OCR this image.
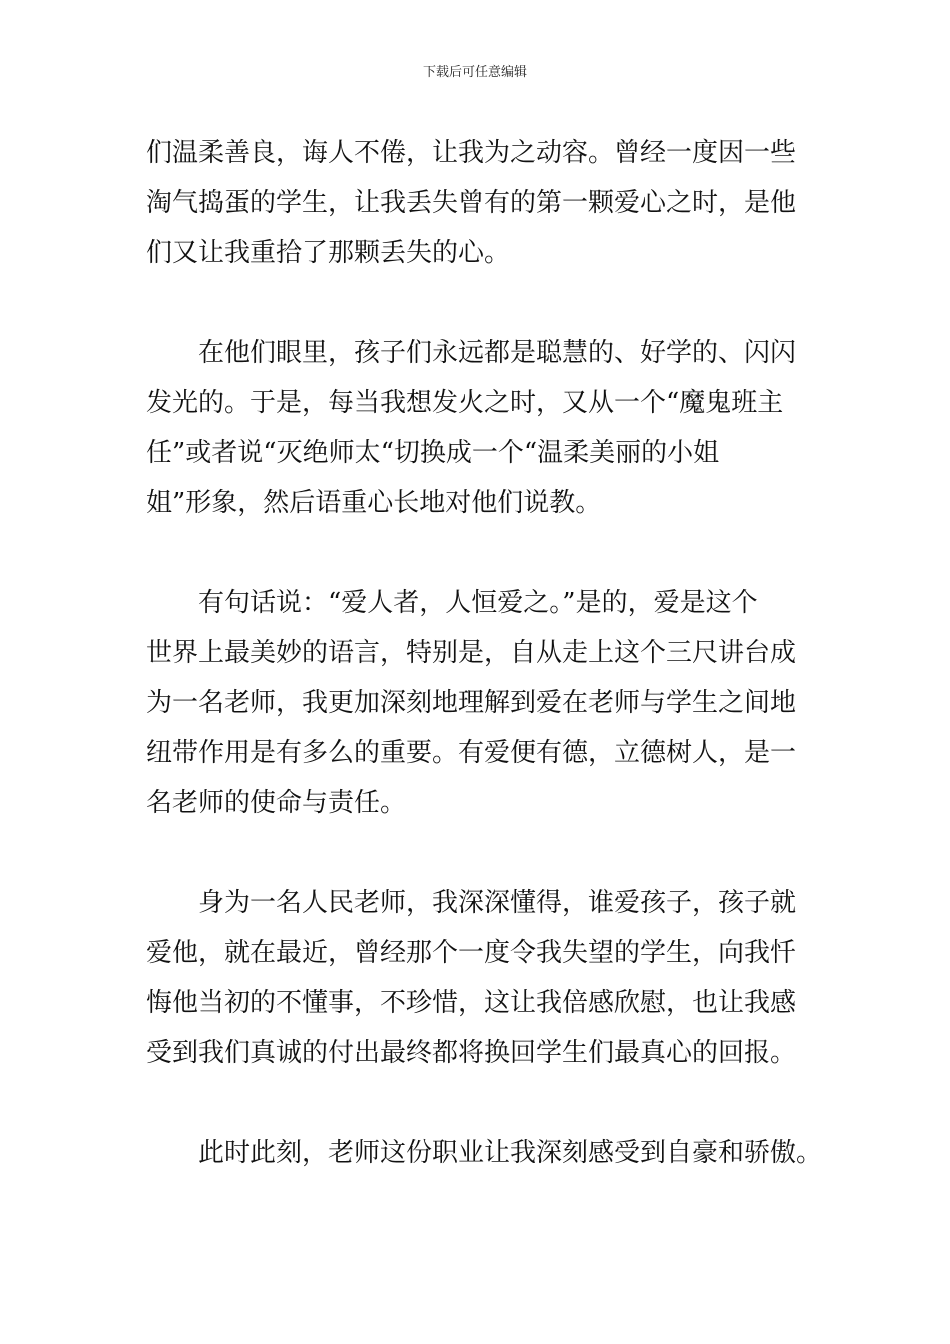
下载后可任意编辑

们温柔善良，诲人不倦，让我为之动容。曾经一度因一些
淘气捣蛋的学生，让我丢失曾有的第一颗爱心之时，是他
们又让我重拾了那颗丢失的心。

　　在他们眼里，孩子们永远都是聪慧的、好学的、闪闪
发光的。于是，每当我想发火之时，又从一个“魔鬼班主
任”或者说“灭绝师太“切换成一个“温柔美丽的小姐
姐”形象，然后语重心长地对他们说教。

　　有句话说：“爱人者，人恒爱之。”是的，爱是这个
世界上最美妙的语言，特别是，自从走上这个三尺讲台成
为一名老师，我更加深刻地理解到爱在老师与学生之间地
纽带作用是有多么的重要。有爱便有德，立德树人，是一
名老师的使命与责任。

　　身为一名人民老师，我深深懂得，谁爱孩子，孩子就
爱他，就在最近，曾经那个一度令我失望的学生，向我忏
悔他当初的不懂事，不珍惜，这让我倍感欣慰，也让我感
受到我们真诚的付出最终都将换回学生们最真心的回报。

　　此时此刻，老师这份职业让我深刻感受到自豪和骄傲。
